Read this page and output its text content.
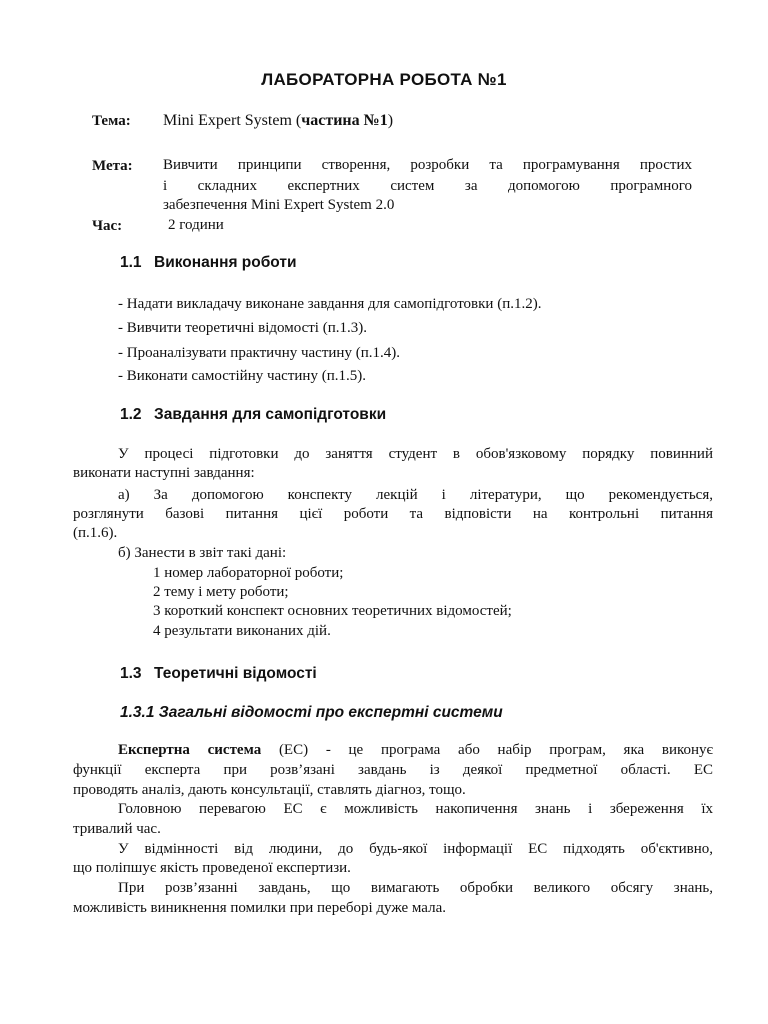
ЛАБОРАТОРНА РОБОТА №1
Тема: Mini Expert System (частина №1)
Мета: Вивчити принципи створення, розробки та програмування простих
і складних експертних систем за допомогою програмного
забезпечення Mini Expert System 2.0
Час:	2 години
1.1 Виконання роботи
- Надати викладачу виконане завдання для самопідготовки (п.1.2).
- Вивчити теоретичні відомості (п.1.3).
- Проаналізувати практичну частину (п.1.4).
- Виконати самостійну частину (п.1.5).
1.2 Завдання для самопідготовки
У процесі підготовки до заняття студент в обов'язковому порядку повинний
виконати наступні завдання:
а) За допомогою конспекту лекцій і літератури, що рекомендується,
розглянути базові питання цієї роботи та відповісти на контрольні питання
(п.1.6).
б) Занести в звіт такі дані:
1 номер лабораторної роботи;
2 тему і мету роботи;
3 короткий конспект основних теоретичних відомостей;
4 результати виконаних дій.
1.3 Теоретичні відомості
1.3.1 Загальні відомості про експертні системи
Експертна система (ЕС) - це програма або набір програм, яка виконує
функції експерта при розв’язані завдань із деякої предметної області. ЕС
проводять аналіз, дають консультації, ставлять діагноз, тощо.
Головною перевагою ЕС є можливість накопичення знань і збереження їх
тривалий час.
У відмінності від людини, до будь-якої інформації ЕС підходять об'єктивно,
що поліпшує якість проведеної експертизи.
При розв’язанні завдань, що вимагають обробки великого обсягу знань,
можливість виникнення помилки при переборі дуже мала.
